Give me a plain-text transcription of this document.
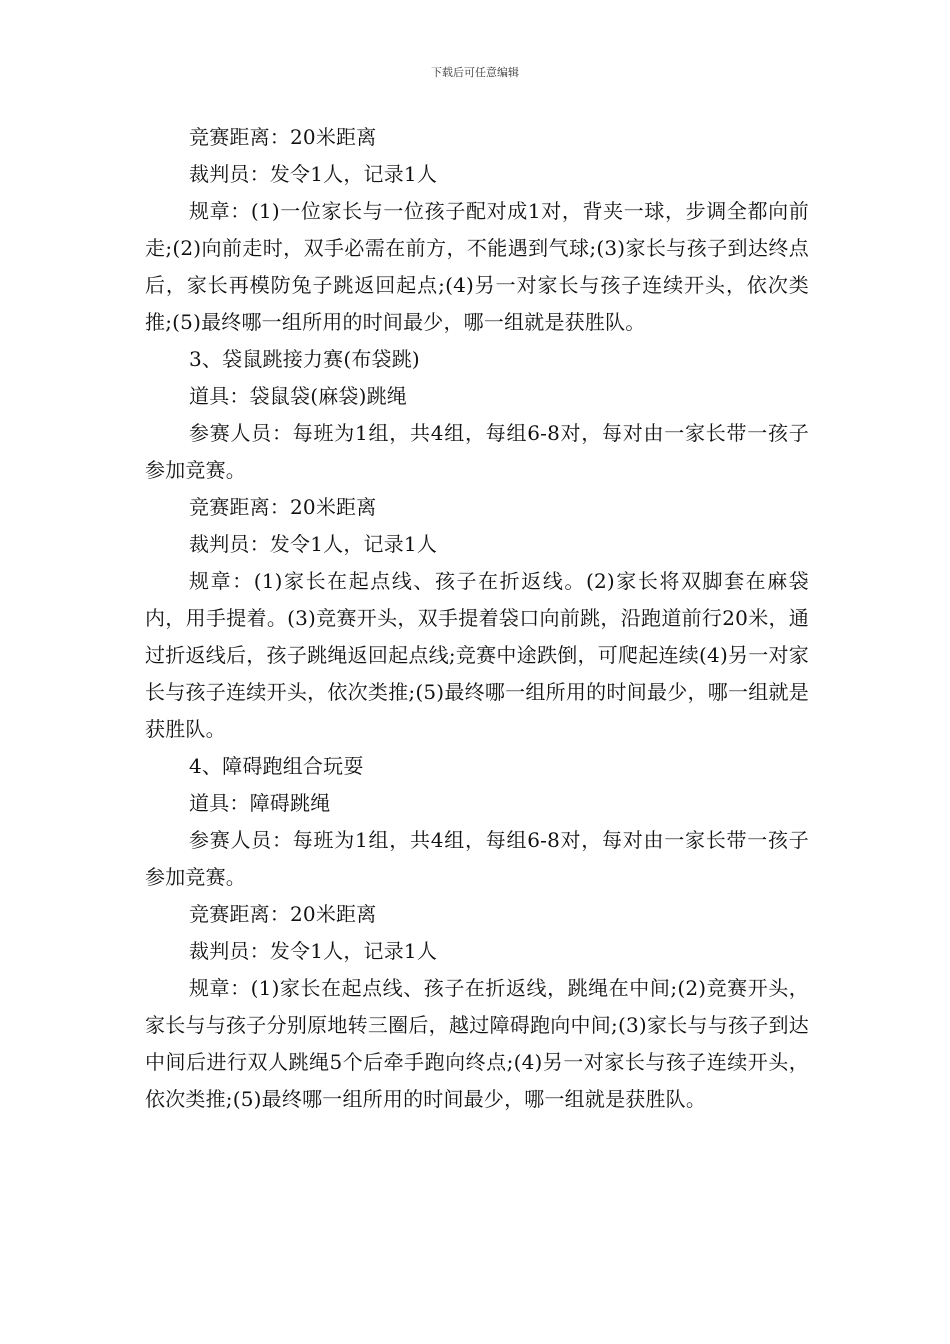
下载后可任意编辑

竞赛距离：20米距离

裁判员：发令1人，记录1人

规章：(1)一位家长与一位孩子配对成1对，背夹一球，步调全都向前走;(2)向前走时，双手必需在前方，不能遇到气球;(3)家长与孩子到达终点后，家长再模防兔子跳返回起点;(4)另一对家长与孩子连续开头，依次类推;(5)最终哪一组所用的时间最少，哪一组就是获胜队。

3、袋鼠跳接力赛(布袋跳)

道具：袋鼠袋(麻袋)跳绳

参赛人员：每班为1组，共4组，每组6-8对，每对由一家长带一孩子参加竞赛。

竞赛距离：20米距离

裁判员：发令1人，记录1人

规章：(1)家长在起点线、孩子在折返线。(2)家长将双脚套在麻袋内，用手提着。(3)竞赛开头，双手提着袋口向前跳，沿跑道前行20米，通过折返线后，孩子跳绳返回起点线;竞赛中途跌倒，可爬起连续(4)另一对家长与孩子连续开头，依次类推;(5)最终哪一组所用的时间最少，哪一组就是获胜队。

4、障碍跑组合玩耍

道具：障碍跳绳

参赛人员：每班为1组，共4组，每组6-8对，每对由一家长带一孩子参加竞赛。

竞赛距离：20米距离

裁判员：发令1人，记录1人

规章：(1)家长在起点线、孩子在折返线，跳绳在中间;(2)竞赛开头，家长与与孩子分别原地转三圈后，越过障碍跑向中间;(3)家长与与孩子到达中间后进行双人跳绳5个后牵手跑向终点;(4)另一对家长与孩子连续开头，依次类推;(5)最终哪一组所用的时间最少，哪一组就是获胜队。
